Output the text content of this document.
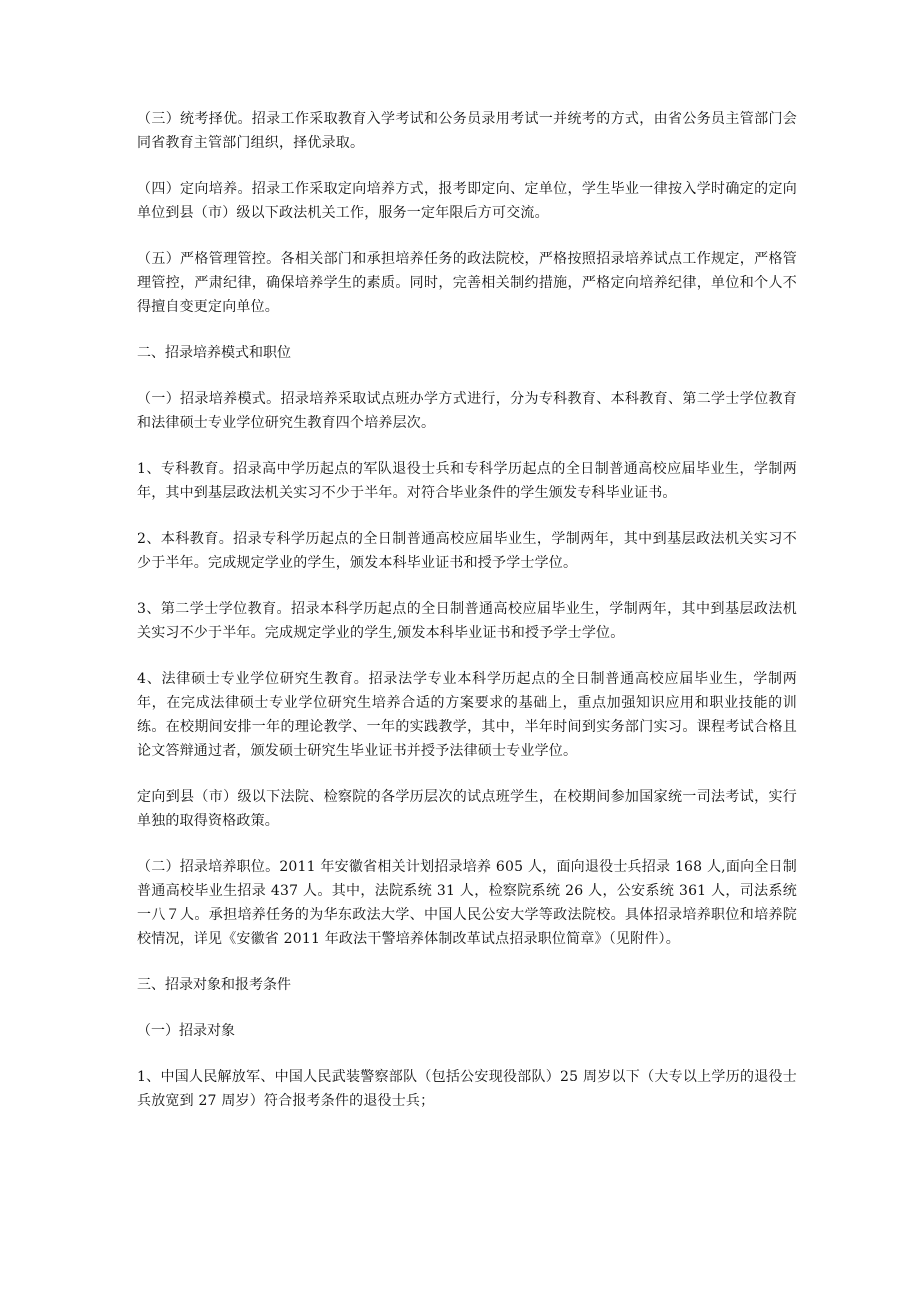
（三）统考择优。招录工作采取教育入学考试和公务员录用考试一并统考的方式，由省公务员主管部门会同省教育主管部门组织，择优录取。

（四）定向培养。招录工作采取定向培养方式，报考即定向、定单位，学生毕业一律按入学时确定的定向单位到县（市）级以下政法机关工作，服务一定年限后方可交流。

（五）严格管理管控。各相关部门和承担培养任务的政法院校，严格按照招录培养试点工作规定，严格管理管控，严肃纪律，确保培养学生的素质。同时，完善相关制约措施，严格定向培养纪律，单位和个人不得擅自变更定向单位。

二、招录培养模式和职位

（一）招录培养模式。招录培养采取试点班办学方式进行，分为专科教育、本科教育、第二学士学位教育和法律硕士专业学位研究生教育四个培养层次。

1、专科教育。招录高中学历起点的军队退役士兵和专科学历起点的全日制普通高校应届毕业生，学制两年，其中到基层政法机关实习不少于半年。对符合毕业条件的学生颁发专科毕业证书。

2、本科教育。招录专科学历起点的全日制普通高校应届毕业生，学制两年，其中到基层政法机关实习不少于半年。完成规定学业的学生，颁发本科毕业证书和授予学士学位。

3、第二学士学位教育。招录本科学历起点的全日制普通高校应届毕业生，学制两年，其中到基层政法机关实习不少于半年。完成规定学业的学生,颁发本科毕业证书和授予学士学位。

4、法律硕士专业学位研究生教育。招录法学专业本科学历起点的全日制普通高校应届毕业生，学制两年，在完成法律硕士专业学位研究生培养合适的方案要求的基础上，重点加强知识应用和职业技能的训练。在校期间安排一年的理论教学、一年的实践教学，其中，半年时间到实务部门实习。课程考试合格且论文答辩通过者，颁发硕士研究生毕业证书并授予法律硕士专业学位。

定向到县（市）级以下法院、检察院的各学历层次的试点班学生，在校期间参加国家统一司法考试，实行单独的取得资格政策。

（二）招录培养职位。2011 年安徽省相关计划招录培养 605 人，面向退役士兵招录 168 人,面向全日制普通高校毕业生招录 437 人。其中，法院系统 31 人，检察院系统 26 人，公安系统 361 人，司法系统一八７人。承担培养任务的为华东政法大学、中国人民公安大学等政法院校。具体招录培养职位和培养院校情况，详见《安徽省 2011 年政法干警培养体制改革试点招录职位简章》（见附件）。

三、招录对象和报考条件

（一）招录对象

1、中国人民解放军、中国人民武装警察部队（包括公安现役部队）25 周岁以下（大专以上学历的退役士兵放宽到 27 周岁）符合报考条件的退役士兵；
